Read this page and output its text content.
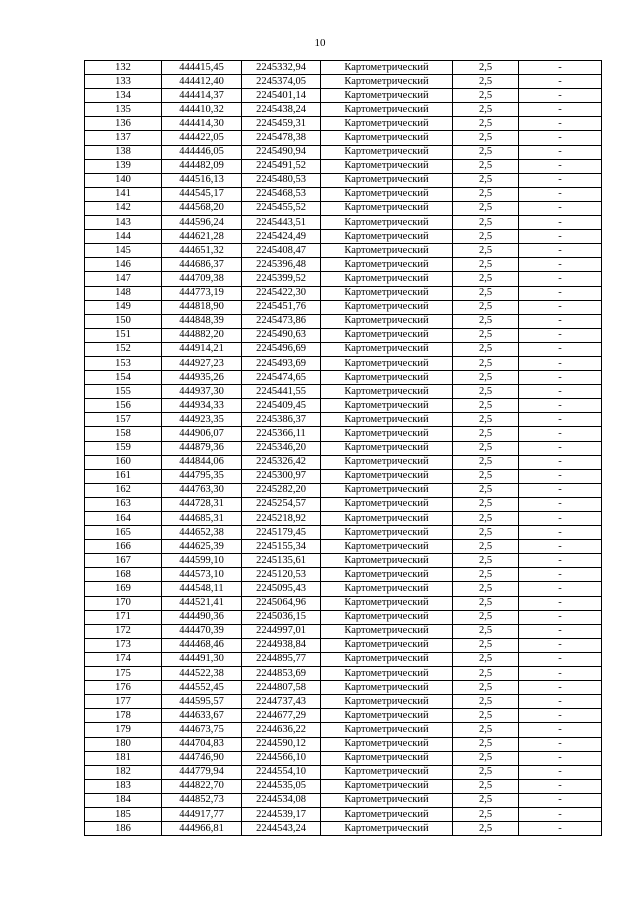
10
132	444415,45	2245332,94	Картометрический	2,5	-
133	444412,40	2245374,05	Картометрический	2,5	-
134	444414,37	2245401,14	Картометрический	2,5	-
135	444410,32	2245438,24	Картометрический	2,5	-
136	444414,30	2245459,31	Картометрический	2,5	-
137	444422,05	2245478,38	Картометрический	2,5	-
138	444446,05	2245490,94	Картометрический	2,5	-
139	444482,09	2245491,52	Картометрический	2,5	-
140	444516,13	2245480,53	Картометрический	2,5	-
141	444545,17	2245468,53	Картометрический	2,5	-
142	444568,20	2245455,52	Картометрический	2,5	-
143	444596,24	2245443,51	Картометрический	2,5	-
144	444621,28	2245424,49	Картометрический	2,5	-
145	444651,32	2245408,47	Картометрический	2,5	-
146	444686,37	2245396,48	Картометрический	2,5	-
147	444709,38	2245399,52	Картометрический	2,5	-
148	444773,19	2245422,30	Картометрический	2,5	-
149	444818,90	2245451,76	Картометрический	2,5	-
150	444848,39	2245473,86	Картометрический	2,5	-
151	444882,20	2245490,63	Картометрический	2,5	-
152	444914,21	2245496,69	Картометрический	2,5	-
153	444927,23	2245493,69	Картометрический	2,5	-
154	444935,26	2245474,65	Картометрический	2,5	-
155	444937,30	2245441,55	Картометрический	2,5	-
156	444934,33	2245409,45	Картометрический	2,5	-
157	444923,35	2245386,37	Картометрический	2,5	-
158	444906,07	2245366,11	Картометрический	2,5	-
159	444879,36	2245346,20	Картометрический	2,5	-
160	444844,06	2245326,42	Картометрический	2,5	-
161	444795,35	2245300,97	Картометрический	2,5	-
162	444763,30	2245282,20	Картометрический	2,5	-
163	444728,31	2245254,57	Картометрический	2,5	-
164	444685,31	2245218,92	Картометрический	2,5	-
165	444652,38	2245179,45	Картометрический	2,5	-
166	444625,39	2245155,34	Картометрический	2,5	-
167	444599,10	2245135,61	Картометрический	2,5	-
168	444573,10	2245120,53	Картометрический	2,5	-
169	444548,11	2245095,43	Картометрический	2,5	-
170	444521,41	2245064,96	Картометрический	2,5	-
171	444490,36	2245036,15	Картометрический	2,5	-
172	444470,39	2244997,01	Картометрический	2,5	-
173	444468,46	2244938,84	Картометрический	2,5	-
174	444491,30	2244895,77	Картометрический	2,5	-
175	444522,38	2244853,69	Картометрический	2,5	-
176	444552,45	2244807,58	Картометрический	2,5	-
177	444595,57	2244737,43	Картометрический	2,5	-
178	444633,67	2244677,29	Картометрический	2,5	-
179	444673,75	2244636,22	Картометрический	2,5	-
180	444704,83	2244590,12	Картометрический	2,5	-
181	444746,90	2244566,10	Картометрический	2,5	-
182	444779,94	2244554,10	Картометрический	2,5	-
183	444822,70	2244535,05	Картометрический	2,5	-
184	444852,73	2244534,08	Картометрический	2,5	-
185	444917,77	2244539,17	Картометрический	2,5	-
186	444966,81	2244543,24	Картометрический	2,5	-
